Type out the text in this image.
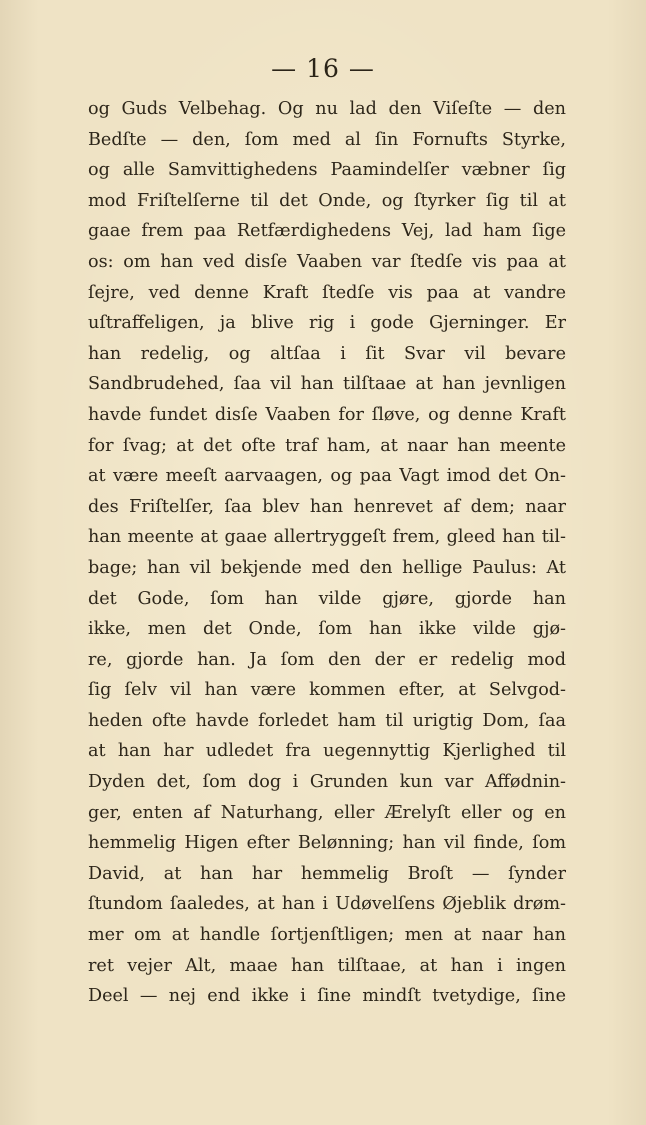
— 16 —
og Guds Velbehag. Og nu lad den Viſeſte — den
Bedſte — den, ſom med al ſin Fornufts Styrke,
og alle Samvittighedens Paamindelſer væbner ſig
mod Friſtelſerne til det Onde, og ſtyrker ſig til at
gaae frem paa Retfærdighedens Vej, lad ham ſige
os: om han ved disſe Vaaben var ſtedſe vis paa at
ſejre, ved denne Kraft ſtedſe vis paa at vandre
uſtraffeligen, ja blive rig i gode Gjerninger. Er
han redelig, og altſaa i ſit Svar vil bevare
Sandbrudehed, ſaa vil han tilſtaae at han jevnligen
havde fundet disſe Vaaben for ſløve, og denne Kraft
for ſvag; at det ofte traf ham, at naar han meente
at være meeſt aarvaagen, og paa Vagt imod det On-
des Friſtelſer, ſaa blev han henrevet af dem; naar
han meente at gaae allertryggeſt frem, gleed han til-
bage; han vil bekjende med den hellige Paulus: At
det Gode, ſom han vilde gjøre, gjorde han
ikke, men det Onde, ſom han ikke vilde gjø-
re, gjorde han. Ja ſom den der er redelig mod
ſig ſelv vil han være kommen efter, at Selvgod-
heden ofte havde forledet ham til urigtig Dom, ſaa
at han har udledet fra uegennyttig Kjerlighed til
Dyden det, ſom dog i Grunden kun var Affødnin-
ger, enten af Naturhang, eller Ærelyſt eller og en
hemmelig Higen efter Belønning; han vil finde, ſom
David, at han har hemmelig Broſt — ſynder
ſtundom ſaaledes, at han i Udøvelſens Øjeblik drøm-
mer om at handle ſortjenſtligen; men at naar han
ret vejer Alt, maae han tilſtaae, at han i ingen
Deel — nej end ikke i ſine mindſt tvetydige, ſine
